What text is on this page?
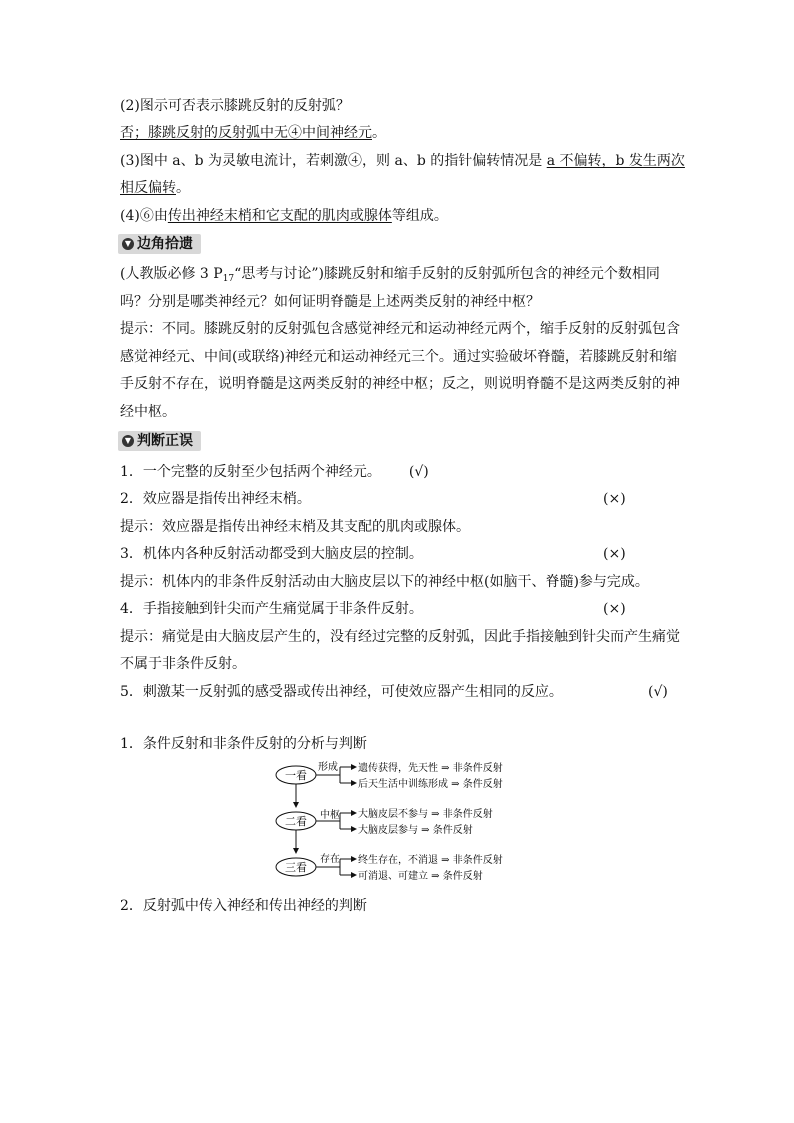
(2)图示可否表示膝跳反射的反射弧？
否；膝跳反射的反射弧中无④中间神经元。
(3)图中 a、b 为灵敏电流计，若刺激④，则 a、b 的指针偏转情况是 a 不偏转，b 发生两次
相反偏转。
(4)⑥由传出神经末梢和它支配的肌肉或腺体等组成。
▼ 边角拾遗
(人教版必修 3 $P_{17}“$思考与讨论”)膝跳反射和缩手反射的反射弧所包含的神经元个数相同
吗？分别是哪类神经元？如何证明脊髓是上述两类反射的神经中枢？
提示：不同。膝跳反射的反射弧包含感觉神经元和运动神经元两个，缩手反射的反射弧包含
感觉神经元、中间(或联络)神经元和运动神经元三个。通过实验破坏脊髓，若膝跳反射和缩
手反射不存在，说明脊髓是这两类反射的神经中枢；反之，则说明脊髓不是这两类反射的神
经中枢。
▼ 判断正误
1．一个完整的反射至少包括两个神经元。 (√)
2．效应器是指传出神经末梢。	(×)
提示：效应器是指传出神经末梢及其支配的肌肉或腺体。
3．机体内各种反射活动都受到大脑皮层的控制。	(×)
提示：机体内的非条件反射活动由大脑皮层以下的神经中枢(如脑干、脊髓)参与完成。
4．手指接触到针尖而产生痛觉属于非条件反射。	(×)
提示：痛觉是由大脑皮层产生的，没有经过完整的反射弧，因此手指接触到针尖而产生痛觉
不属于非条件反射。
5．刺激某一反射弧的感受器或传出神经，可使效应器产生相同的反应。	(√)
1．条件反射和非条件反射的分析与判断
一看
形成 遗传获得，先天性 ⇒ 非条件反射
后天生活中训练形成 ⇒ 条件反射
二看 中枢 大脑皮层不参与 ⇒ 非条件反射
大脑皮层参与 ⇒ 条件反射
三看
存在 终生存在，不消退 ⇒ 非条件反射
可消退、可建立 ⇒ 条件反射
2．反射弧中传入神经和传出神经的判断
